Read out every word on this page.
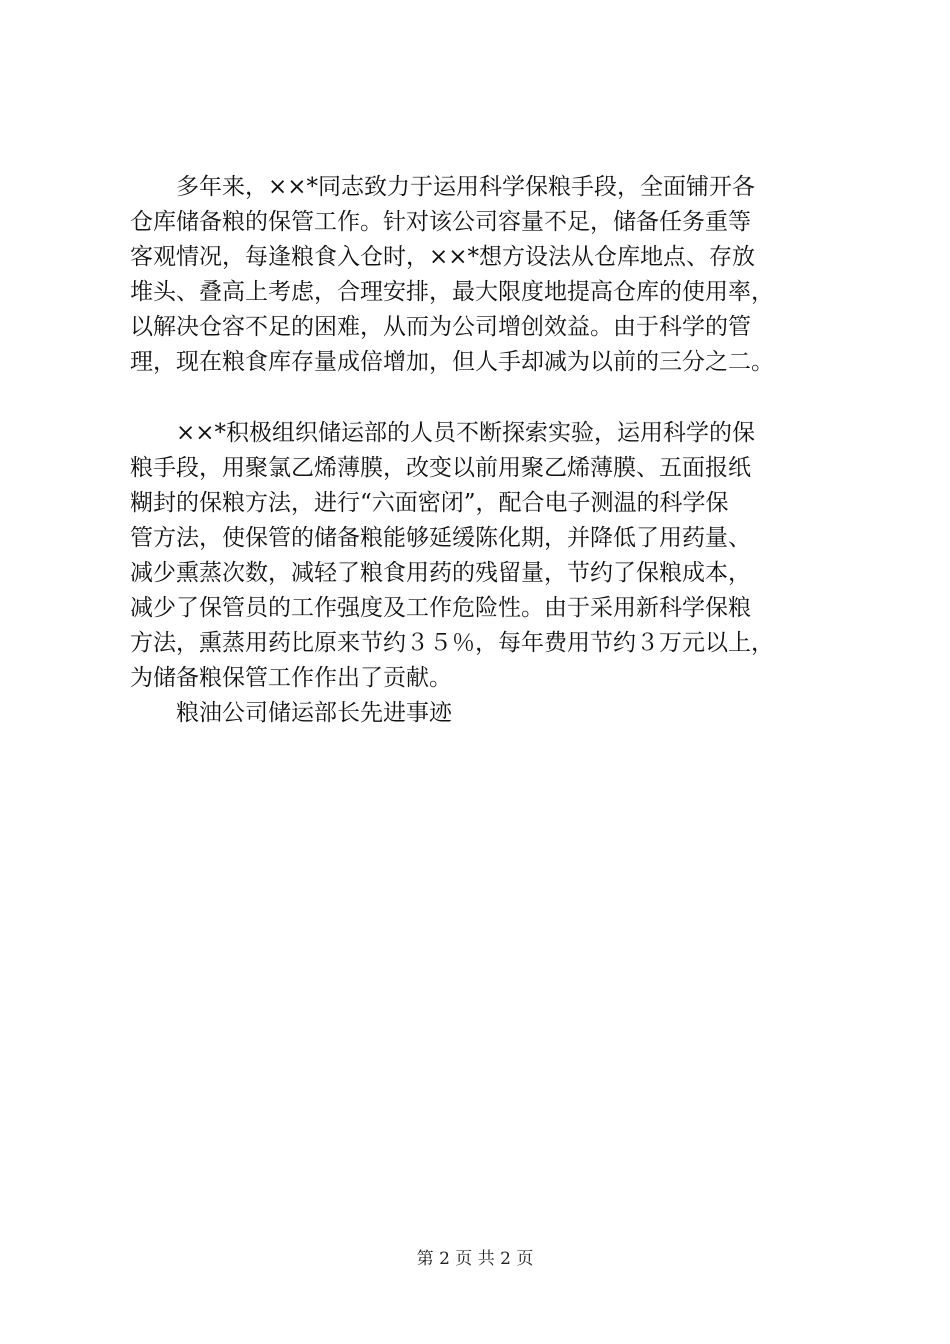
多年来，××*同志致力于运用科学保粮手段，全面铺开各
仓库储备粮的保管工作。针对该公司容量不足，储备任务重等
客观情况，每逢粮食入仓时，××*想方设法从仓库地点、存放
堆头、叠高上考虑，合理安排，最大限度地提高仓库的使用率，
以解决仓容不足的困难，从而为公司增创效益。由于科学的管
理，现在粮食库存量成倍增加，但人手却减为以前的三分之二。

××*积极组织储运部的人员不断探索实验，运用科学的保
粮手段，用聚氯乙烯薄膜，改变以前用聚乙烯薄膜、五面报纸
糊封的保粮方法，进行“六面密闭”，配合电子测温的科学保
管方法，使保管的储备粮能够延缓陈化期，并降低了用药量、
减少熏蒸次数，减轻了粮食用药的残留量，节约了保粮成本，
减少了保管员的工作强度及工作危险性。由于采用新科学保粮
方法，熏蒸用药比原来节约３５％，每年费用节约３万元以上，
为储备粮保管工作作出了贡献。

粮油公司储运部长先进事迹

第 2 页 共 2 页
